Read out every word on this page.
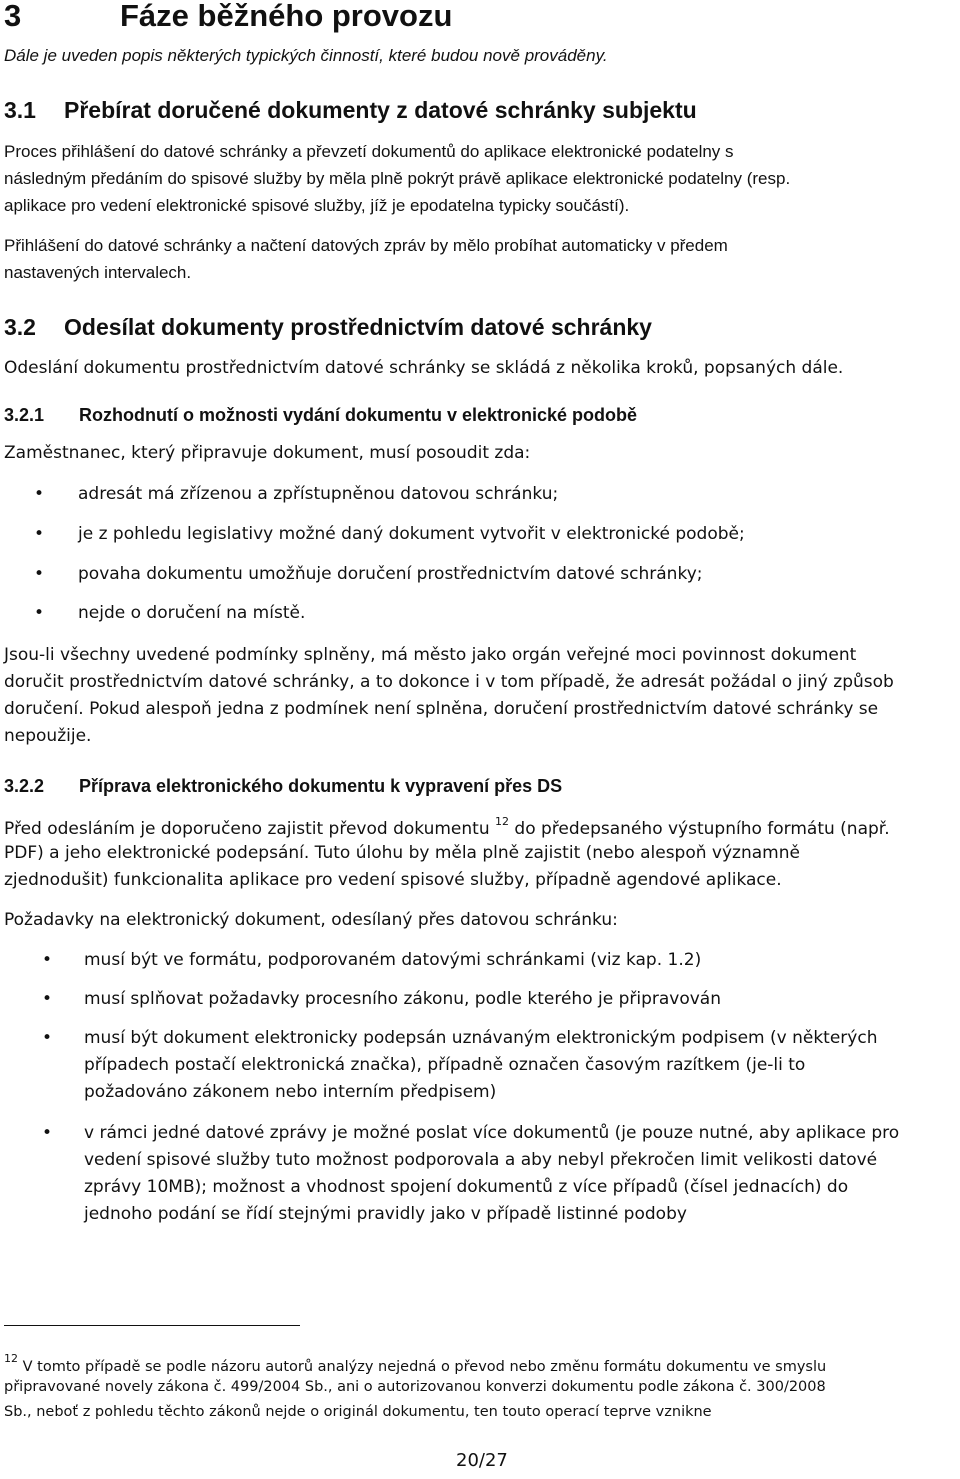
3	Fáze běžného provozu
Dále je uveden popis některých typických činností, které budou nově prováděny.
3.1 Přebírat doručené dokumenty z datové schránky subjektu
Proces přihlášení do datové schránky a převzetí dokumentů do aplikace elektronické podatelny s
následným předáním do spisové služby by měla plně pokrýt právě aplikace elektronické podatelny (resp.
aplikace pro vedení elektronické spisové služby, jíž je epodatelna typicky součástí).
Přihlášení do datové schránky a načtení datových zpráv by mělo probíhat automaticky v předem
nastavených intervalech.
3.2 Odesílat dokumenty prostřednictvím datové schránky
Odeslání dokumentu prostřednictvím datové schránky se skládá z několika kroků, popsaných dále.
3.2.1 Rozhodnutí o možnosti vydání dokumentu v elektronické podobě
Zaměstnanec, který připravuje dokument, musí posoudit zda:
• adresát má zřízenou a zpřístupněnou datovou schránku;
• je z pohledu legislativy možné daný dokument vytvořit v elektronické podobě;
• povaha dokumentu umožňuje doručení prostřednictvím datové schránky;
• nejde o doručení na místě.
Jsou-li všechny uvedené podmínky splněny, má město jako orgán veřejné moci povinnost dokument
doručit prostřednictvím datové schránky, a to dokonce i v tom případě, že adresát požádal o jiný způsob
doručení. Pokud alespoň jedna z podmínek není splněna, doručení prostřednictvím datové schránky se
nepoužije.
3.2.2 Příprava elektronického dokumentu k vypravení přes DS
Před odesláním je doporučeno zajistit převod dokumentu $^{12}$ do předepsaného výstupního formátu (např.
PDF) a jeho elektronické podepsání. Tuto úlohu by měla plně zajistit (nebo alespoň významně
zjednodušit) funkcionalita aplikace pro vedení spisové služby, případně agendové aplikace.
Požadavky na elektronický dokument, odesílaný přes datovou schránku:
• musí být ve formátu, podporovaném datovými schránkami (viz kap. 1.2)
• musí splňovat požadavky procesního zákonu, podle kterého je připravován
• musí být dokument elektronicky podepsán uznávaným elektronickým podpisem (v některých
případech postačí elektronická značka), případně označen časovým razítkem (je-li to
požadováno zákonem nebo interním předpisem)
• v rámci jedné datové zprávy je možné poslat více dokumentů (je pouze nutné, aby aplikace pro
vedení spisové služby tuto možnost podporovala a aby nebyl překročen limit velikosti datové
zprávy 10MB); možnost a vhodnost spojení dokumentů z více případů (čísel jednacích) do
jednoho podání se řídí stejnými pravidly jako v případě listinné podoby
$^{12}$ V tomto případě se podle názoru autorů analýzy nejedná o převod nebo změnu formátu dokumentu ve smyslu
připravované novely zákona č. 499/2004 Sb., ani o autorizovanou konverzi dokumentu podle zákona č. 300/2008
Sb., neboť z pohledu těchto zákonů nejde o originál dokumentu, ten touto operací teprve vznikne
20/27
